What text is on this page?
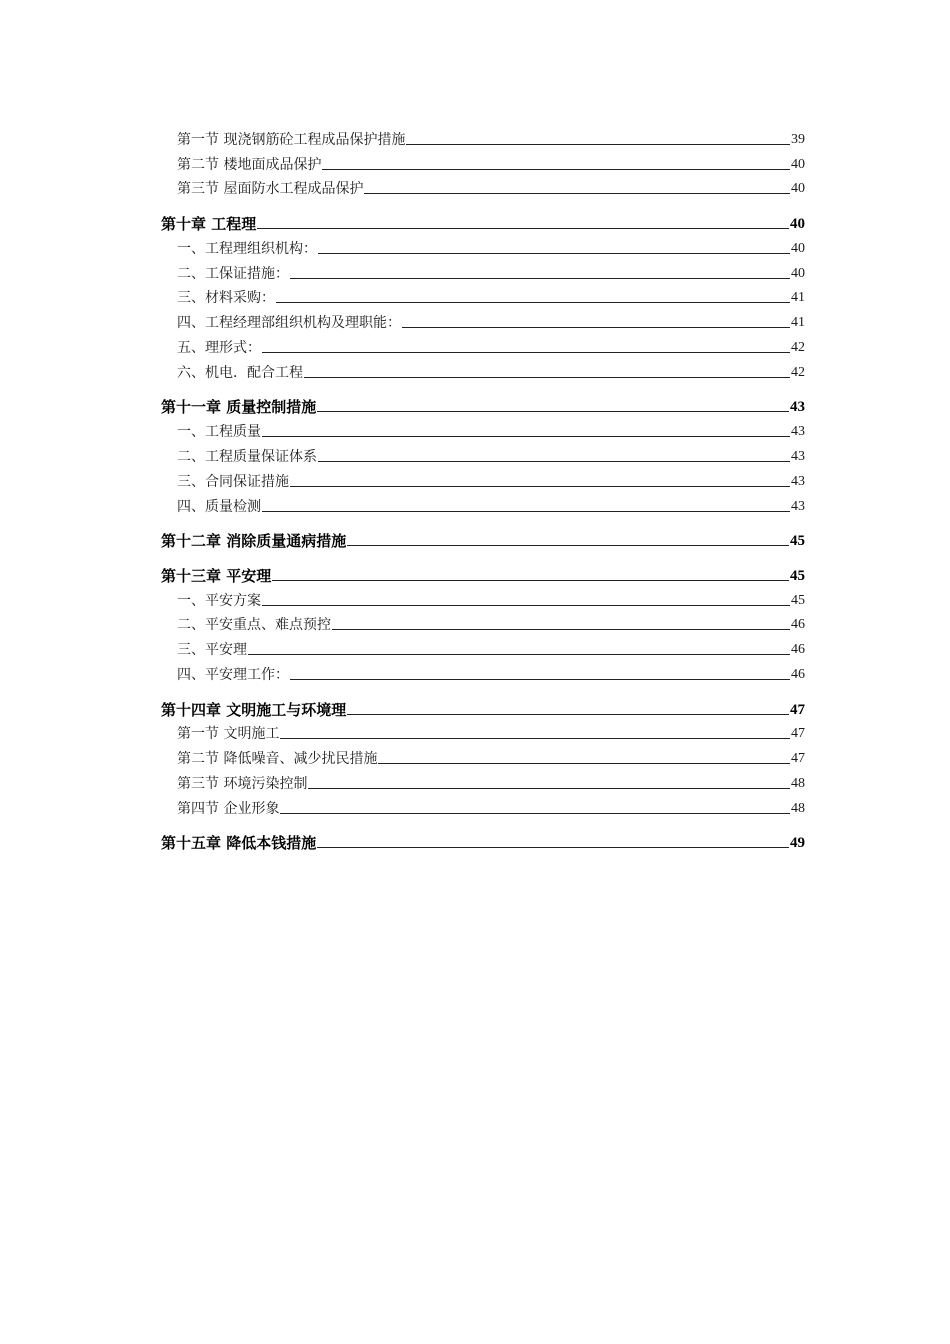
第一节 现浇钢筋砼工程成品保护措施	39
第二节 楼地面成品保护	40
第三节 屋面防水工程成品保护	40
第十章 工程理	40
一、工程理组织机构：	40
二、工保证措施：	40
三、材料采购：	41
四、工程经理部组织机构及理职能：	41
五、理形式：	42
六、机电．配合工程	42
第十一章 质量控制措施	43
一、工程质量	43
二、工程质量保证体系	43
三、合同保证措施	43
四、质量检测	43
第十二章 消除质量通病措施	45
第十三章 平安理	45
一、平安方案	45
二、平安重点、难点预控	46
三、平安理	46
四、平安理工作：	46
第十四章 文明施工与环境理	47
第一节 文明施工	47
第二节 降低噪音、减少扰民措施	47
第三节 环境污染控制	48
第四节 企业形象	48
第十五章 降低本钱措施	49
